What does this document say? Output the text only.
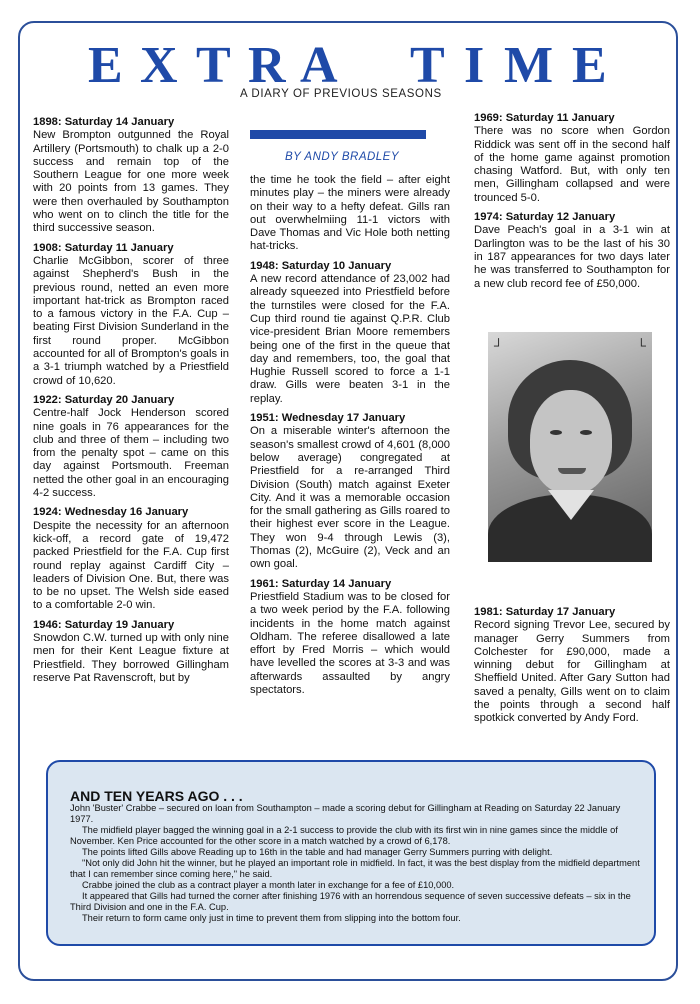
E X T R A T I M E
A DIARY OF PREVIOUS SEASONS
BY ANDY BRADLEY

1898: Saturday 14 January
New Brompton outgunned the Royal Artillery (Portsmouth) to chalk up a 2-0 success and remain top of the Southern League for one more week with 20 points from 13 games. They were then overhauled by Southampton who went on to clinch the title for the third successive season.

1908: Saturday 11 January
Charlie McGibbon, scorer of three against Shepherd's Bush in the previous round, netted an even more important hat-trick as Brompton raced to a famous victory in the F.A. Cup – beating First Division Sunderland in the first round proper. McGibbon accounted for all of Brompton's goals in a 3-1 triumph watched by a Priestfield crowd of 10,620.

1922: Saturday 20 January
Centre-half Jock Henderson scored nine goals in 76 appearances for the club and three of them – including two from the penalty spot – came on this day against Portsmouth. Freeman netted the other goal in an encouraging 4-2 success.

1924: Wednesday 16 January
Despite the necessity for an afternoon kick-off, a record gate of 19,472 packed Priestfield for the F.A. Cup first round replay against Cardiff City – leaders of Division One. But, there was to be no upset. The Welsh side eased to a comfortable 2-0 win.

1946: Saturday 19 January
Snowdon C.W. turned up with only nine men for their Kent League fixture at Priestfield. They borrowed Gillingham reserve Pat Ravenscroft, but by

the time he took the field – after eight minutes play – the miners were already on their way to a hefty defeat. Gills ran out overwhelmiing 11-1 victors with Dave Thomas and Vic Hole both netting hat-tricks.

1948: Saturday 10 January
A new record attendance of 23,002 had already squeezed into Priestfield before the turnstiles were closed for the F.A. Cup third round tie against Q.P.R. Club vice-president Brian Moore remembers being one of the first in the queue that day and remembers, too, the goal that Hughie Russell scored to force a 1-1 draw. Gills were beaten 3-1 in the replay.

1951: Wednesday 17 January
On a miserable winter's afternoon the season's smallest crowd of 4,601 (8,000 below average) congregated at Priestfield for a re-arranged Third Division (South) match against Exeter City. And it was a memorable occasion for the small gathering as Gills roared to their highest ever score in the League. They won 9-4 through Lewis (3), Thomas (2), McGuire (2), Veck and an own goal.

1961: Saturday 14 January
Priestfield Stadium was to be closed for a two week period by the F.A. following incidents in the home match against Oldham. The referee disallowed a late effort by Fred Morris – which would have levelled the scores at 3-3 and was afterwards assaulted by angry spectators.

1969: Saturday 11 January
There was no score when Gordon Riddick was sent off in the second half of the home game against promotion chasing Watford. But, with only ten men, Gillingham collapsed and were trounced 5-0.

1974: Saturday 12 January
Dave Peach's goal in a 3-1 win at Darlington was to be the last of his 30 in 187 appearances for two days later he was transferred to Southampton for a new club record fee of £50,000.

┘	└

1981: Saturday 17 January
Record signing Trevor Lee, secured by manager Gerry Summers from Colchester for £90,000, made a winning debut for Gillingham at Sheffield United. After Gary Sutton had saved a penalty, Gills went on to claim the points through a second half spotkick converted by Andy Ford.

AND TEN YEARS AGO . . .

John 'Buster' Crabbe – secured on loan from Southampton – made a scoring debut for Gillingham at Reading on Saturday 22 January 1977.

The midfield player bagged the winning goal in a 2-1 success to provide the club with its first win in nine games since the middle of November. Ken Price accounted for the other score in a match watched by a crowd of 6,178.

The points lifted Gills above Reading up to 16th in the table and had manager Gerry Summers purring with delight.

"Not only did John hit the winner, but he played an important role in midfield. In fact, it was the best display from the midfield department that I can remember since coming here," he said.

Crabbe joined the club as a contract player a month later in exchange for a fee of £10,000.

It appeared that Gills had turned the corner after finishing 1976 with an horrendous sequence of seven successive defeats – six in the Third Division and one in the F.A. Cup.

Their return to form came only just in time to prevent them from slipping into the bottom four.
